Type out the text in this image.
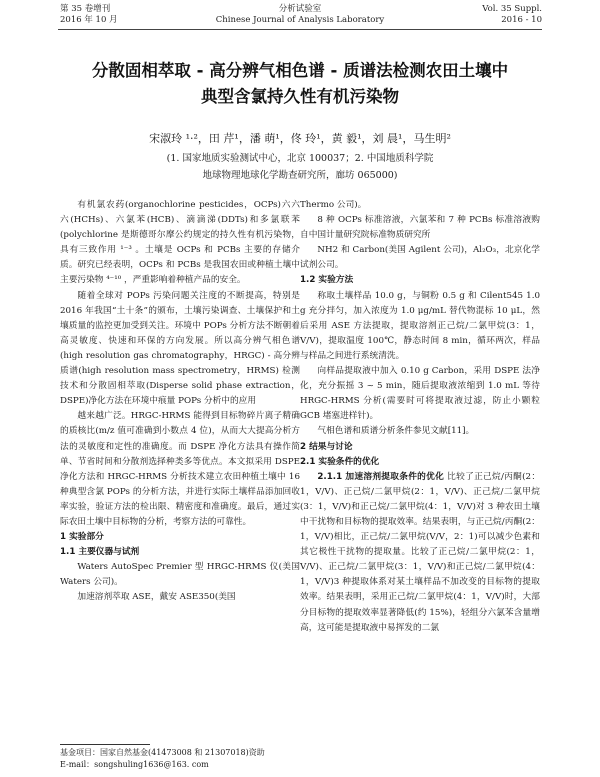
第 35 卷增刊
2016 年 10 月
分析试验室
Chinese Journal of Analysis Laboratory
Vol. 35 Suppl.
2016 - 10
分散固相萃取 - 高分辨气相色谱 - 质谱法检测农田土壤中
典型含氯持久性有机污染物
宋淑玲 ¹·²，田 芹¹，潘 萌¹，佟 玲¹，黄 毅¹，刘 晨¹，马生明²
(1. 国家地质实验测试中心，北京 100037；2. 中国地质科学院
地球物理地球化学勘查研究所，廊坊 065000)

有机氯农药(organochlorine pesticides，OCPs)六六六(HCHs)、六氯苯(HCB)、滴滴涕(DDTs)和多氯联苯(polychlorine 是斯德哥尔摩公约规定的持久性有机污染物，具有三致作用 ¹⁻³ 。土壤是 OCPs 和 PCBs 主要的存储介质。研究已经表明，OCPs 和 PCBs 是我国农田或种植土壤中主要污染物 ⁴⁻¹⁰ ，严重影响着种植产品的安全。

随着全球对 POPs 污染问题关注度的不断提高，特别是 2016 年我国“土十条”的颁布，土壤污染调查、土壤保护和土壤质量的监控更加受到关注。环境中 POPs 分析方法不断朝着高灵敏度、快速和环保的方向发展。所以高分辨气相色谱(high resolution gas chromatography，HRGC) - 高分辨质谱(high resolution mass spectrometry，HRMS) 检测技术和分散固相萃取(Disperse solid phase extraction，DSPE)净化方法在环境中痕量 POPs 分析中的应用

越来越广泛。HRGC-HRMS 能得到目标物碎片离子精确的质核比(m/z 值可准确到小数点 4 位)，从而大大提高分析方法的灵敏度和定性的准确度。而 DSPE 净化方法具有操作简单、节省时间和分散剂选择种类多等优点。本文拟采用 DSPE 净化方法和 HRGC-HRMS 分析技术建立农田种植土壤中 16 种典型含氯 POPs 的分析方法，并进行实际土壤样品添加回收率实验，验证方法的检出限、精密度和准确度。最后，通过实际农田土壤中目标物的分析，考察方法的可靠性。

1 实验部分

1.1 主要仪器与试剂

Waters AutoSpec Premier 型 HRGC-HRMS 仪(美国 Waters 公司)。

加速溶剂萃取 ASE，戴安 ASE350(美国

Thermo 公司)。

8 种 OCPs 标准溶液，六氯苯和 7 种 PCBs 标准溶液购自中国计量研究院标准物质研究所

NH2 和 Carbon(美国 Agilent 公司)，Al₂O₃，北京化学试剂公司。

1.2 实验方法

称取土壤样品 10.0 g，与铜粉 0.5 g 和 Cilent545 1.0 g 充分拌匀，加入浓度为 1.0 μg/mL 替代物混标 10 μL，然后采用 ASE 方法提取，提取溶剂正己烷/二氯甲烷(3：1，V/V)，提取温度 100℃，静态时间 8 min，循环两次，样品与样品之间进行系统清洗。

向样品提取液中加入 0.10 g Carbon，采用 DSPE 法净化，充分振摇 3 ~ 5 min，随后提取液浓缩到 1.0 mL 等待 HRGC-HRMS 分析(需要时可将提取液过滤，防止小颗粒 GCB 堵塞进样针)。

气相色谱和质谱分析条件参见文献[11]。

2 结果与讨论

2.1 实验条件的优化

2.1.1 加速溶剂提取条件的优化 比较了正己烷/丙酮(2：1，V/V)、正己烷/二氯甲烷(2：1，V/V)、正己烷/二氯甲烷(3：1，V/V)和正己烷/二氯甲烷(4：1，V/V)对 3 种农田土壤中干扰物和目标物的提取效率。结果表明，与正己烷/丙酮(2：1，V/V)相比，正己烷/二氯甲烷(V/V，2：1)可以减少色素和其它极性干扰物的提取量。比较了正己烷/二氯甲烷(2：1，V/V)、正己烷/二氯甲烷(3：1，V/V)和正己烷/二氯甲烷(4：1，V/V)3 种提取体系对某土壤样品不加改变的目标物的提取效率。结果表明，采用正己烷/二氯甲烷(4：1，V/V)时，大部分目标物的提取效率显著降低(约 15%)，轻组分六氯苯含量增高，这可能是提取液中易挥发的二氯

基金项目：国家自然基金(41473008 和 21307018)资助
E-mail：songshuling1636@163. com
